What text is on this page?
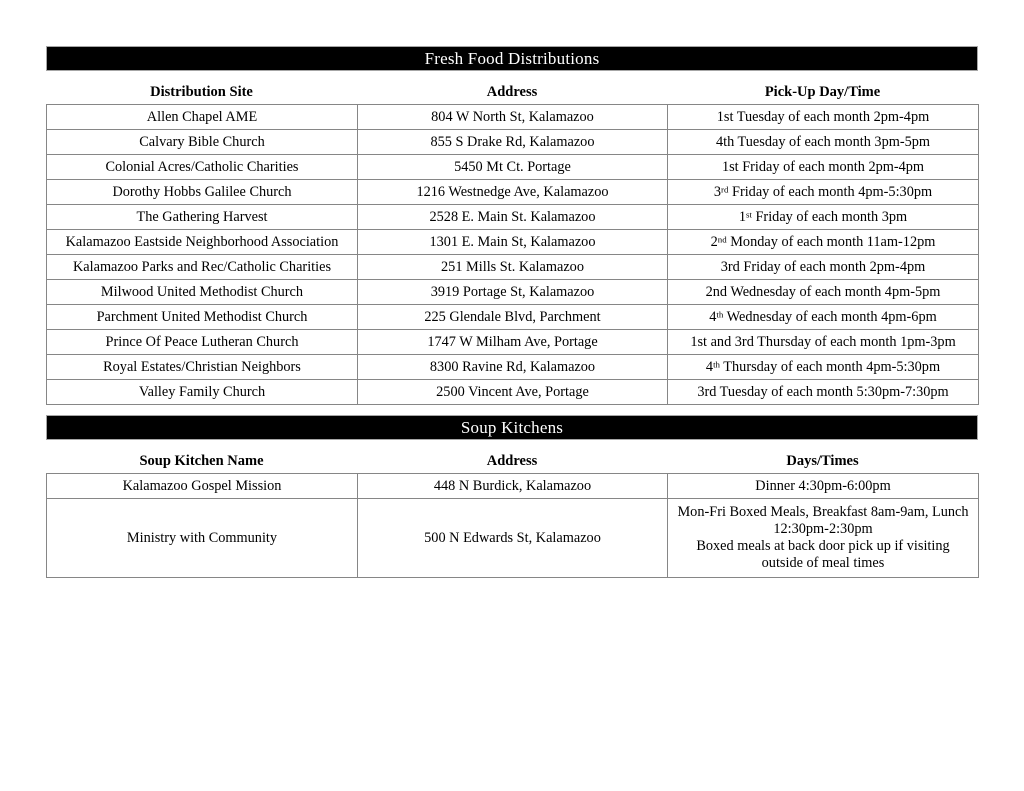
Fresh Food Distributions
Distribution Site	Address	Pick-Up Day/Time
Allen Chapel AME	804 W North St, Kalamazoo	1st Tuesday of each month 2pm-4pm
Calvary Bible Church	855 S Drake Rd, Kalamazoo	4th Tuesday of each month 3pm-5pm
Colonial Acres/Catholic Charities	5450 Mt Ct. Portage	1st Friday of each month 2pm-4pm
Dorothy Hobbs Galilee Church	1216 Westnedge Ave, Kalamazoo	3rd Friday of each month 4pm-5:30pm
The Gathering Harvest	2528 E. Main St. Kalamazoo	1st Friday of each month 3pm
Kalamazoo Eastside Neighborhood Association	1301 E. Main St, Kalamazoo	2nd Monday of each month 11am-12pm
Kalamazoo Parks and Rec/Catholic Charities	251 Mills St. Kalamazoo	3rd Friday of each month 2pm-4pm
Milwood United Methodist Church	3919 Portage St, Kalamazoo	2nd Wednesday of each month 4pm-5pm
Parchment United Methodist Church	225 Glendale Blvd, Parchment	4th Wednesday of each month 4pm-6pm
Prince Of Peace Lutheran Church	1747 W Milham Ave, Portage	1st and 3rd Thursday of each month 1pm-3pm
Royal Estates/Christian Neighbors	8300 Ravine Rd, Kalamazoo	4th Thursday of each month 4pm-5:30pm
Valley Family Church	2500 Vincent Ave, Portage	3rd Tuesday of each month 5:30pm-7:30pm
Soup Kitchens
Soup Kitchen Name	Address	Days/Times
Kalamazoo Gospel Mission	448 N Burdick, Kalamazoo	Dinner 4:30pm-6:00pm
Ministry with Community	500 N Edwards St, Kalamazoo	Mon-Fri Boxed Meals, Breakfast 8am-9am, Lunch 12:30pm-2:30pm
Boxed meals at back door pick up if visiting outside of meal times
